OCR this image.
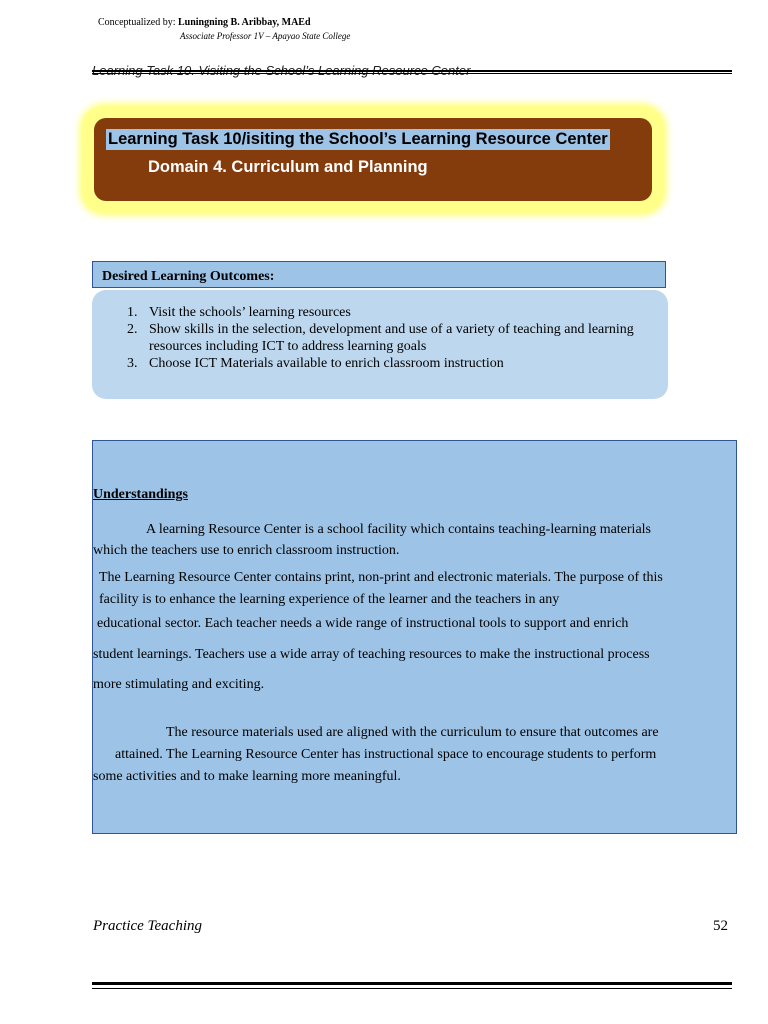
Conceptualized by: Luningning B. Aribbay, MAEd
Associate Professor 1V – Apayao State College
Learning Task 10/isiting the School’s Learning Resource Center
Domain 4. Curriculum and Planning
Desired Learning Outcomes:
1. Visit the schools’ learning resources
2. Show skills in the selection, development and use of a variety of teaching and learning resources including ICT to address learning goals
3. Choose ICT Materials available to enrich classroom instruction
Understandings
A learning Resource Center is a school facility which contains teaching-learning materials
which the teachers use to enrich classroom instruction.
The Learning Resource Center contains print, non-print and electronic materials. The purpose of this
facility is to enhance the learning experience of the learner and the teachers in any
educational sector. Each teacher needs a wide range of instructional tools to support and enrich
student learnings. Teachers use a wide array of teaching resources to make the instructional process
more stimulating and exciting.
The resource materials used are aligned with the curriculum to ensure that outcomes are
attained. The Learning Resource Center has instructional space to encourage students to perform
some activities and to make learning more meaningful.
Practice Teaching	52
